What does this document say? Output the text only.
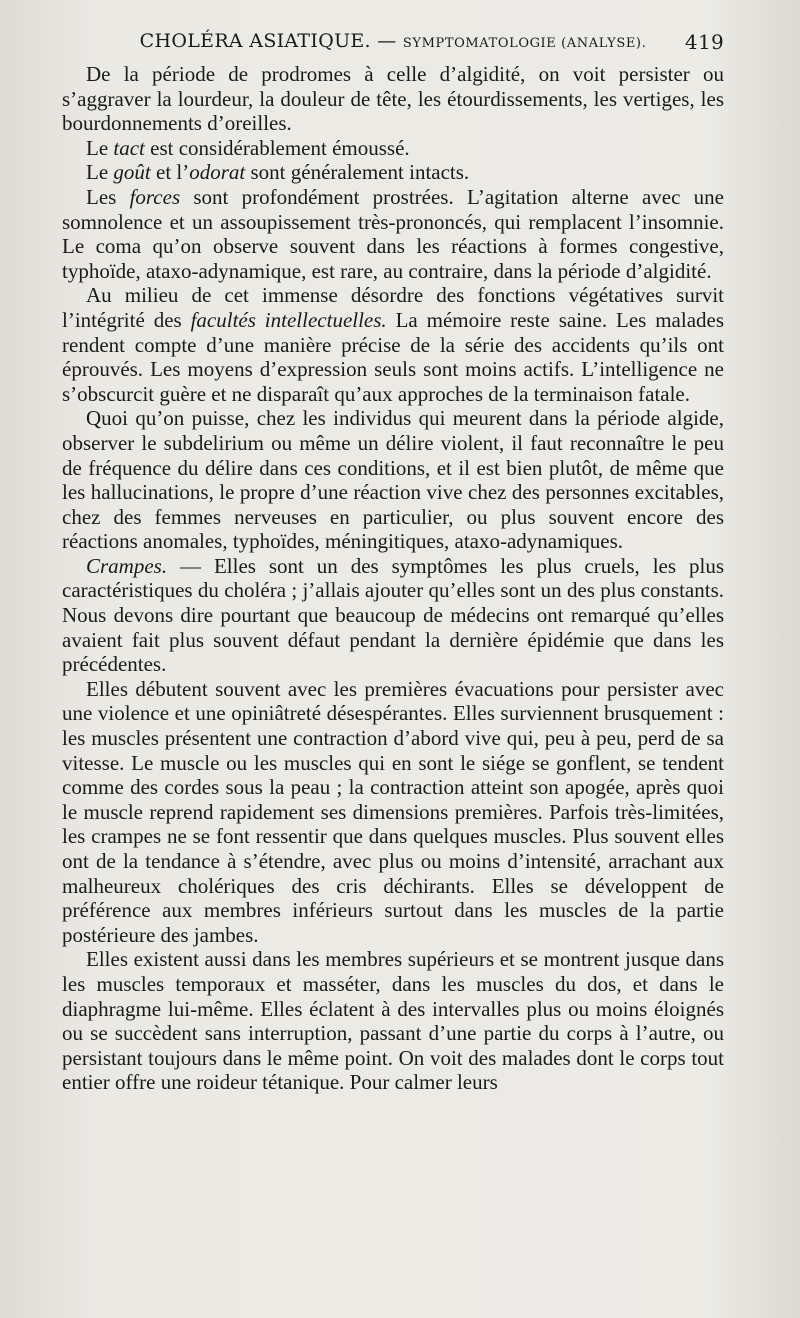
CHOLÉRA ASIATIQUE. — SYMPTOMATOLOGIE (ANALYSE). 419

De la période de prodromes à celle d’algidité, on voit persister ou s’aggraver la lourdeur, la douleur de tête, les étourdissements, les vertiges, les bourdonnements d’oreilles.

Le tact est considérablement émoussé.

Le goût et l’odorat sont généralement intacts.

Les forces sont profondément prostrées. L’agitation alterne avec une somnolence et un assoupissement très-prononcés, qui remplacent l’insomnie. Le coma qu’on observe souvent dans les réactions à formes congestive, typhoïde, ataxo-adynamique, est rare, au contraire, dans la période d’algidité.

Au milieu de cet immense désordre des fonctions végétatives survit l’intégrité des facultés intellectuelles. La mémoire reste saine. Les malades rendent compte d’une manière précise de la série des accidents qu’ils ont éprouvés. Les moyens d’expression seuls sont moins actifs. L’intelligence ne s’obscurcit guère et ne disparaît qu’aux approches de la terminaison fatale.

Quoi qu’on puisse, chez les individus qui meurent dans la période algide, observer le subdelirium ou même un délire violent, il faut reconnaître le peu de fréquence du délire dans ces conditions, et il est bien plutôt, de même que les hallucinations, le propre d’une réaction vive chez des personnes excitables, chez des femmes nerveuses en particulier, ou plus souvent encore des réactions anomales, typhoïdes, méningitiques, ataxo-adynamiques.

Crampes. — Elles sont un des symptômes les plus cruels, les plus caractéristiques du choléra ; j’allais ajouter qu’elles sont un des plus constants. Nous devons dire pourtant que beaucoup de médecins ont remarqué qu’elles avaient fait plus souvent défaut pendant la dernière épidémie que dans les précédentes.

Elles débutent souvent avec les premières évacuations pour persister avec une violence et une opiniâtreté désespérantes. Elles surviennent brusquement : les muscles présentent une contraction d’abord vive qui, peu à peu, perd de sa vitesse. Le muscle ou les muscles qui en sont le siége se gonflent, se tendent comme des cordes sous la peau ; la contraction atteint son apogée, après quoi le muscle reprend rapidement ses dimensions premières. Parfois très-limitées, les crampes ne se font ressentir que dans quelques muscles. Plus souvent elles ont de la tendance à s’étendre, avec plus ou moins d’intensité, arrachant aux malheureux cholériques des cris déchirants. Elles se développent de préférence aux membres inférieurs surtout dans les muscles de la partie postérieure des jambes.

Elles existent aussi dans les membres supérieurs et se montrent jusque dans les muscles temporaux et masséter, dans les muscles du dos, et dans le diaphragme lui-même. Elles éclatent à des intervalles plus ou moins éloignés ou se succèdent sans interruption, passant d’une partie du corps à l’autre, ou persistant toujours dans le même point. On voit des malades dont le corps tout entier offre une roideur tétanique. Pour calmer leurs
